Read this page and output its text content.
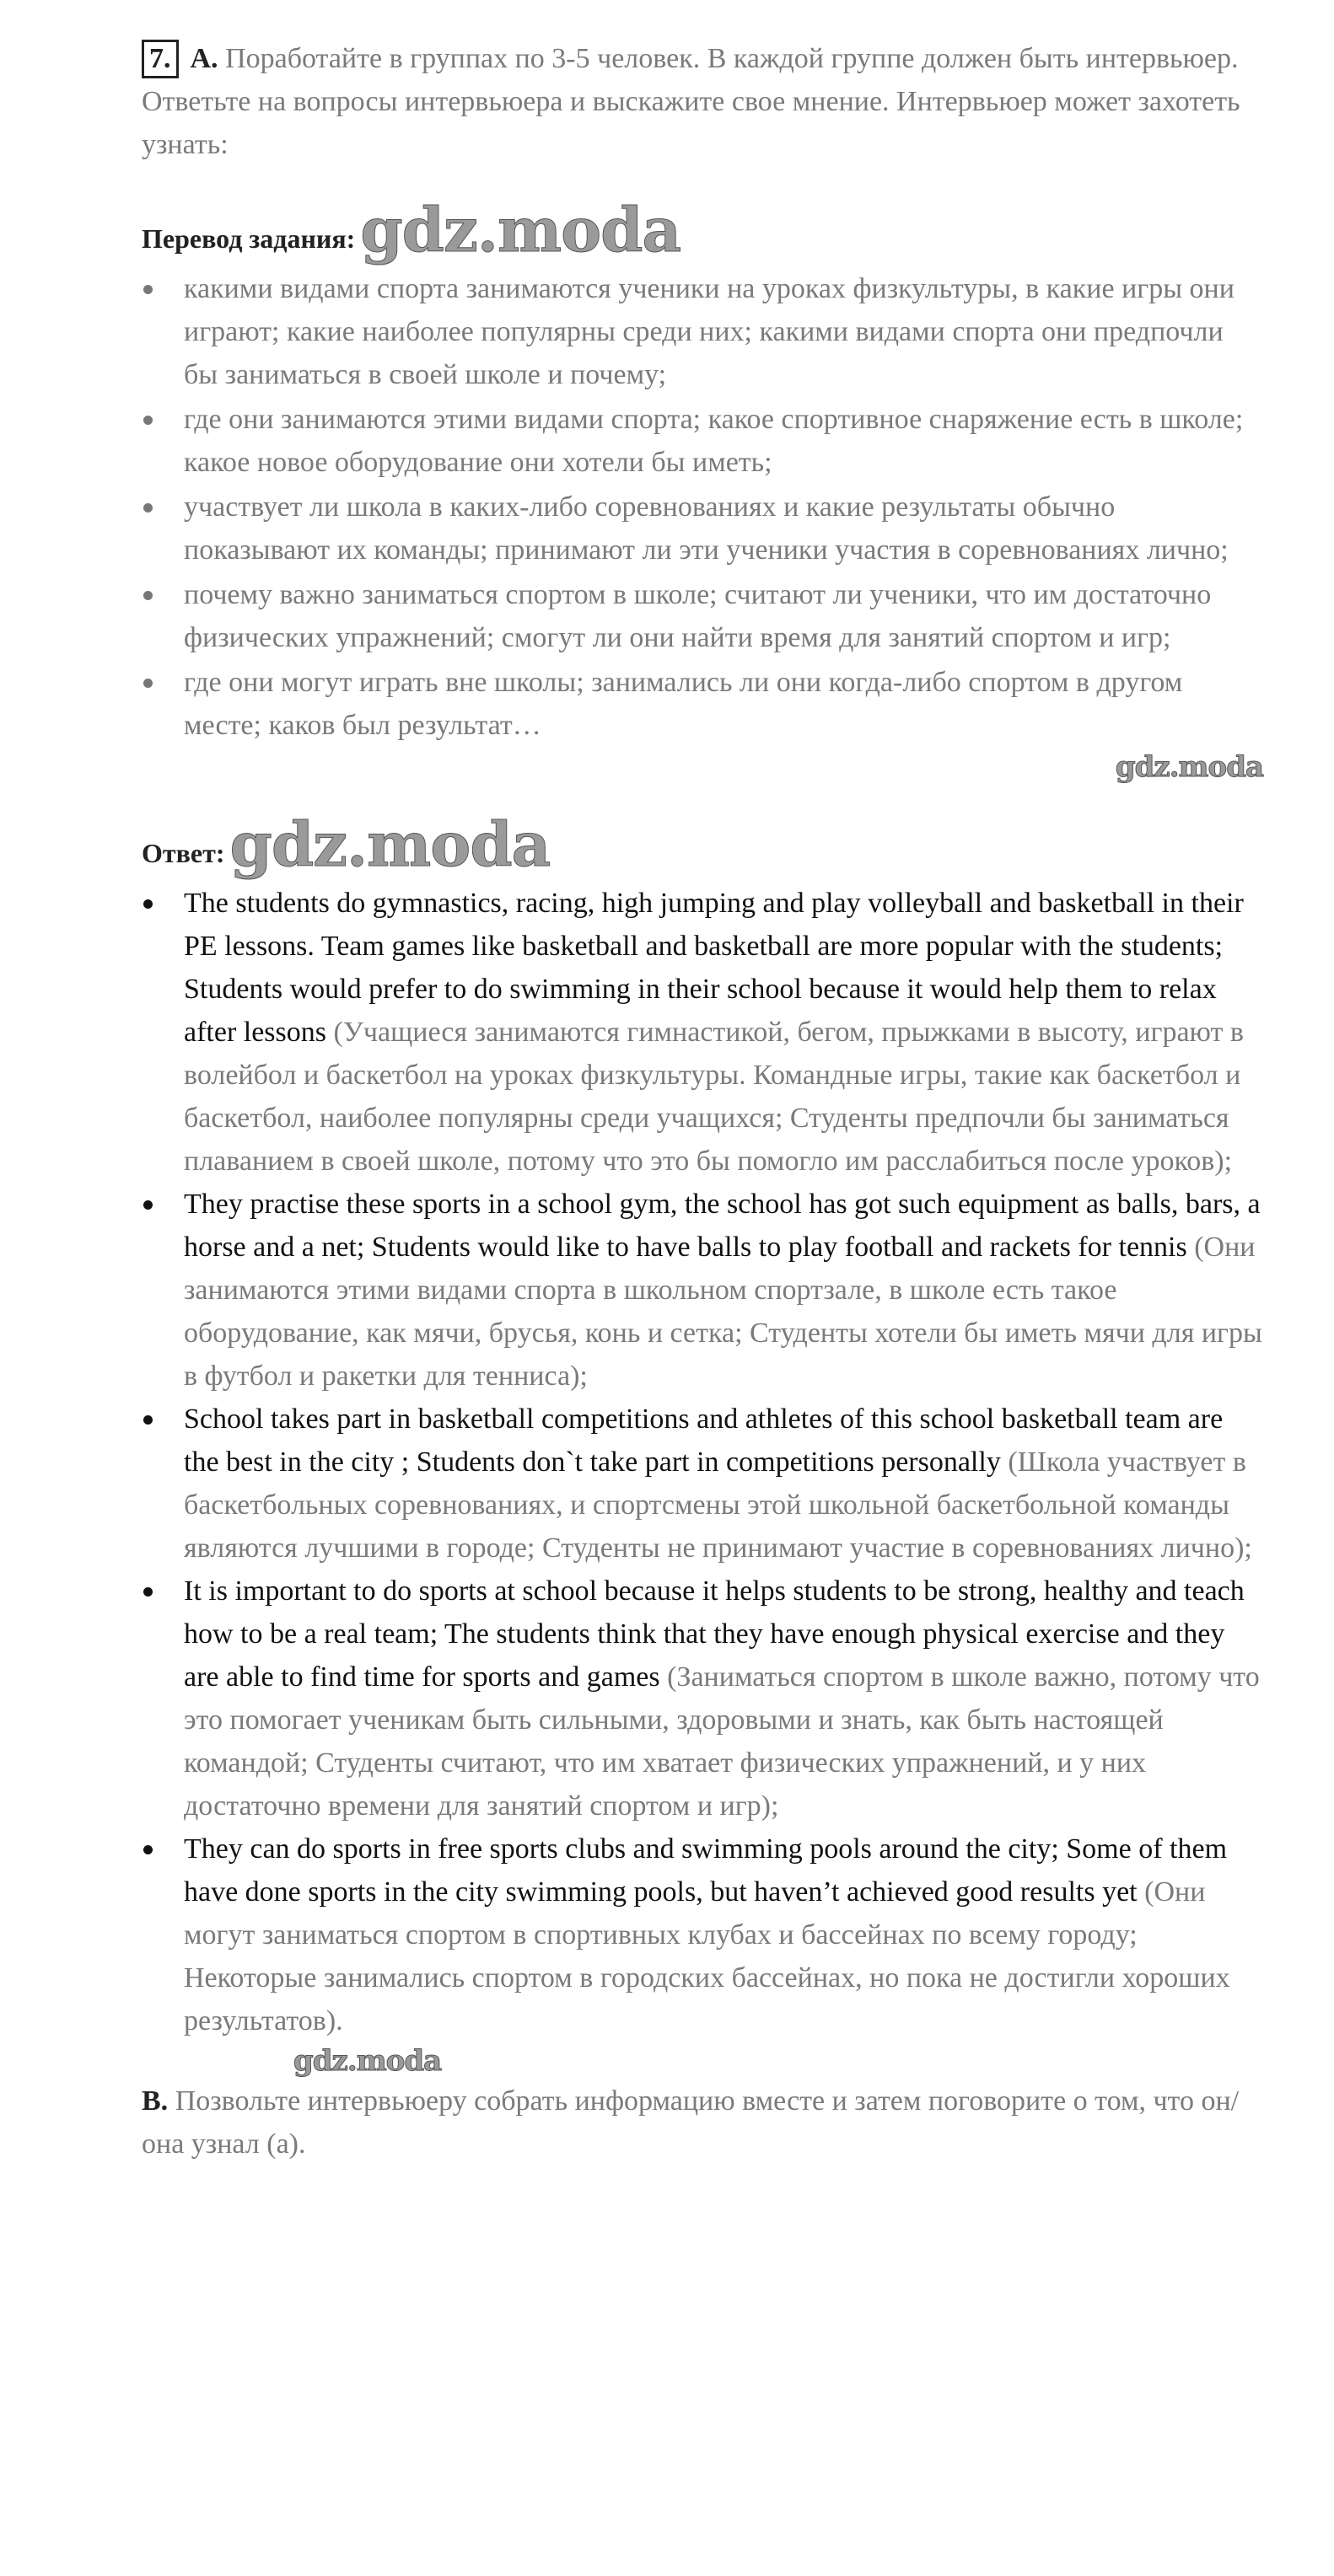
7. A. Поработайте в группах по 3-5 человек. В каждой группе должен быть интервьюер. Ответьте на вопросы интервьюера и выскажите свое мнение. Интервьюер может захотеть узнать:
Перевод задания: gdz.moda
какими видами спорта занимаются ученики на уроках физкультуры, в какие игры они играют; какие наиболее популярны среди них; какими видами спорта они предпочли бы заниматься в своей школе и почему;
где они занимаются этими видами спорта; какое спортивное снаряжение есть в школе; какое новое оборудование они хотели бы иметь;
участвует ли школа в каких-либо соревнованиях и какие результаты обычно показывают их команды; принимают ли эти ученики участия в соревнованиях лично;
почему важно заниматься спортом в школе; считают ли ученики, что им достаточно физических упражнений; смогут ли они найти время для занятий спортом и игр;
где они могут играть вне школы; занимались ли они когда-либо спортом в другом месте; каков был результат…
gdz.moda
Ответ: gdz.moda
The students do gymnastics, racing, high jumping and play volleyball and basketball in their PE lessons. Team games like basketball and basketball are more popular with the students; Students would prefer to do swimming in their school because it would help them to relax after lessons (Учащиеся занимаются гимнастикой, бегом, прыжками в высоту, играют в волейбол и баскетбол на уроках физкультуры. Командные игры, такие как баскетбол и баскетбол, наиболее популярны среди учащихся; Студенты предпочли бы заниматься плаванием в своей школе, потому что это бы помогло им расслабиться после уроков);
They practise these sports in a school gym, the school has got such equipment as balls, bars, a horse and a net; Students would like to have balls to play football and rackets for tennis (Они занимаются этими видами спорта в школьном спортзале, в школе есть такое оборудование, как мячи, брусья, конь и сетка; Студенты хотели бы иметь мячи для игры в футбол и ракетки для тенниса);
School takes part in basketball competitions and athletes of this school basketball team are the best in the city ; Students don`t take part in competitions personally (Школа участвует в баскетбольных соревнованиях, и спортсмены этой школьной баскетбольной команды являются лучшими в городе; Студенты не принимают участие в соревнованиях лично);
It is important to do sports at school because it helps students to be strong, healthy and teach how to be a real team; The students think that they have enough physical exercise and they are able to find time for sports and games (Заниматься спортом в школе важно, потому что это помогает ученикам быть сильными, здоровыми и знать, как быть настоящей командой; Студенты считают, что им хватает физических упражнений, и у них достаточно времени для занятий спортом и игр);
They can do sports in free sports clubs and swimming pools around the city; Some of them have done sports in the city swimming pools, but haven’t achieved good results yet (Они могут заниматься спортом в спортивных клубах и бассейнах по всему городу; Некоторые занимались спортом в городских бассейнах, но пока не достигли хороших результатов).
gdz.moda
B. Позвольте интервьюеру собрать информацию вместе и затем поговорите о том, что он/она узнал (а).
